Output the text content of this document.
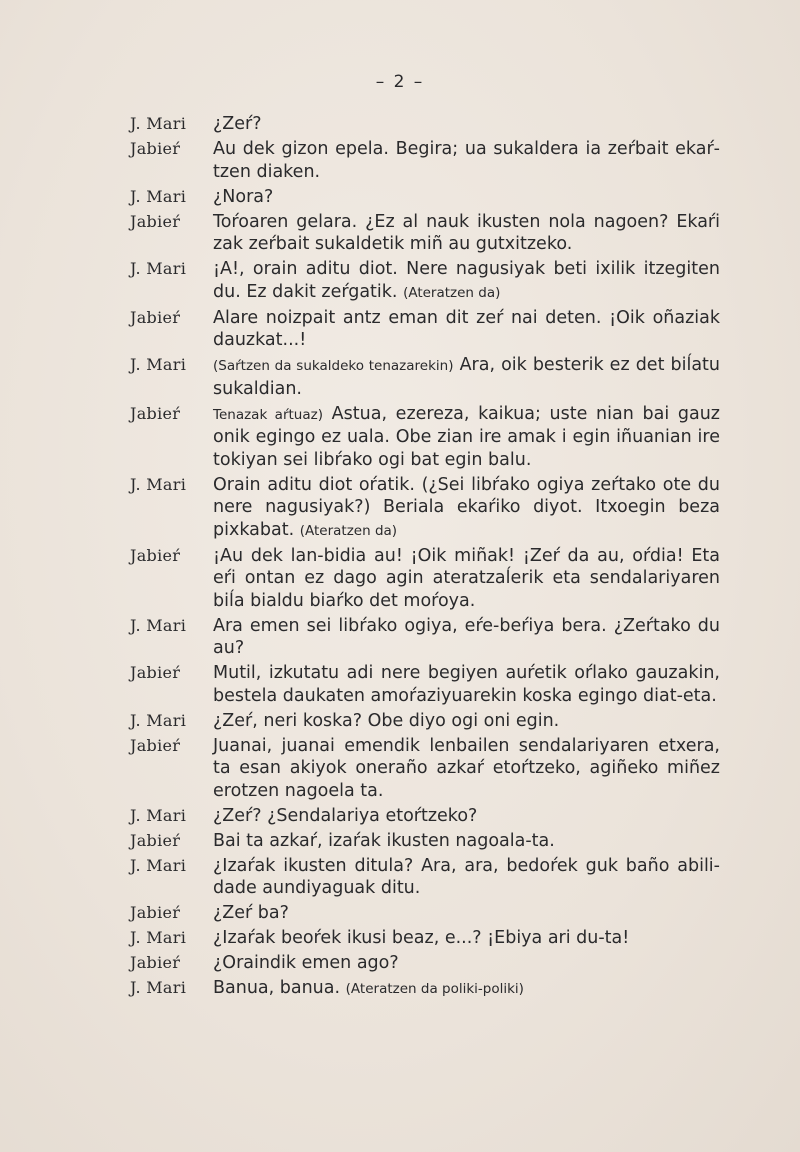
– 2 –
J. Mari ¿Zeŕ?
Jabieŕ Au dek gizon epela. Begira; ua sukaldera ia zeŕbait ekaŕtzen diaken.
J. Mari ¿Nora?
Jabieŕ Toŕoaren gelara. ¿Ez al nauk ikusten nola nagoen? Ekaŕi zak zeŕbait sukaldetik miñ au gutxitzeko.
J. Mari ¡A!, orain aditu diot. Nere nagusiyak beti ixilik itzegiten du. Ez dakit zeŕgatik. (Ateratzen da)
Jabieŕ Alare noizpait antz eman dit zeŕ nai deten. ¡Oik oñaziak dauzkat...!
J. Mari (Saŕtzen da sukaldeko tenazarekin) Ara, oik besterik ez det biĺatu sukaldian.
Jabieŕ Tenazak aŕtuaz) Astua, ezereza, kaikua; uste nian bai gauz onik egingo ez uala. Obe zian ire amak i egin iñuanian ire tokiyan sei libŕako ogi bat egin balu.
J. Mari Orain aditu diot oŕatik. (¿Sei libŕako ogiya zeŕtako ote du nere nagusiyak?) Beriala ekaŕiko diyot. Itxoegin beza pixkabat. (Ateratzen da)
Jabieŕ ¡Au dek lan-bidia au! ¡Oik miñak! ¡Zeŕ da au, oŕdia! Eta eŕi ontan ez dago agin ateratzaĺerik eta sendalariyaren biĺa bialdu biaŕko det moŕoya.
J. Mari Ara emen sei libŕako ogiya, eŕe-beŕiya bera. ¿Zeŕtako du au?
Jabieŕ Mutil, izkutatu adi nere begiyen auŕetik oŕlako gauzakin, bestela daukaten amoŕaziyuarekin koska egingo diat-eta.
J. Mari ¿Zeŕ, neri koska? Obe diyo ogi oni egin.
Jabieŕ Juanai, juanai emendik lenbailen sendalariyaren etxera, ta esan akiyok oneraño azkaŕ etoŕtzeko, agiñeko miñez erotzen nagoela ta.
J. Mari ¿Zeŕ? ¿Sendalariya etoŕtzeko?
Jabieŕ Bai ta azkaŕ, izaŕak ikusten nagoala-ta.
J. Mari ¿Izaŕak ikusten ditula? Ara, ara, bedoŕek guk baño abilidade aundiyaguak ditu.
Jabieŕ ¿Zeŕ ba?
J. Mari ¿Izaŕak beoŕek ikusi beaz, e...? ¡Ebiya ari du-ta!
Jabieŕ ¿Oraindik emen ago?
J. Mari Banua, banua. (Ateratzen da poliki-poliki)
